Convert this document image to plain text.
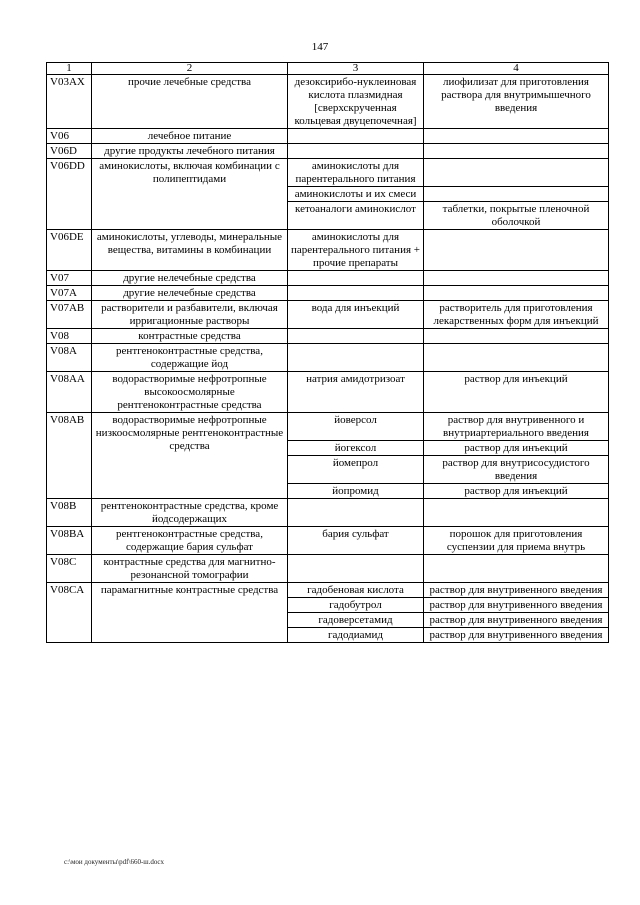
147
1	2	3	4
V03AX	прочие лечебные средства	дезоксирибо-нуклеиновая кислота плазмидная [сверхскрученная кольцевая двуцепочечная]	лиофилизат для приготовления раствора для внутримышечного введения
V06	лечебное питание		
V06D	другие продукты лечебного питания		
V06DD	аминокислоты, включая комбинации с полипептидами	аминокислоты для парентерального питания	
		аминокислоты и их смеси	
		кетоаналоги аминокислот	таблетки, покрытые пленочной оболочкой
V06DE	аминокислоты, углеводы, минеральные вещества, витамины в комбинации	аминокислоты для парентерального питания + прочие препараты	
V07	другие нелечебные средства		
V07A	другие нелечебные средства		
V07AB	растворители и разбавители, включая ирригационные растворы	вода для инъекций	растворитель для приготовления лекарственных форм для инъекций
V08	контрастные средства		
V08A	рентгеноконтрастные средства, содержащие йод		
V08AA	водорастворимые нефротропные высокоосмолярные рентгеноконтрастные средства	натрия амидотризоат	раствор для инъекций
V08AB	водорастворимые нефротропные низкоосмолярные рентгеноконтрастные средства	йоверсол	раствор для внутривенного и внутриартериального введения
		йогексол	раствор для инъекций
		йомепрол	раствор для внутрисосудистого введения
		йопромид	раствор для инъекций
V08B	рентгеноконтрастные средства, кроме йодсодержащих		
V08BA	рентгеноконтрастные средства, содержащие бария сульфат	бария сульфат	порошок для приготовления суспензии для приема внутрь
V08C	контрастные средства для магнитно-резонансной томографии		
V08CA	парамагнитные контрастные средства	гадобеновая кислота	раствор для внутривенного введения
		гадобутрол	раствор для внутривенного введения
		гадоверсетамид	раствор для внутривенного введения
		гадодиамид	раствор для внутривенного введения
c:\мои документы\pdf\660-ш.docx
